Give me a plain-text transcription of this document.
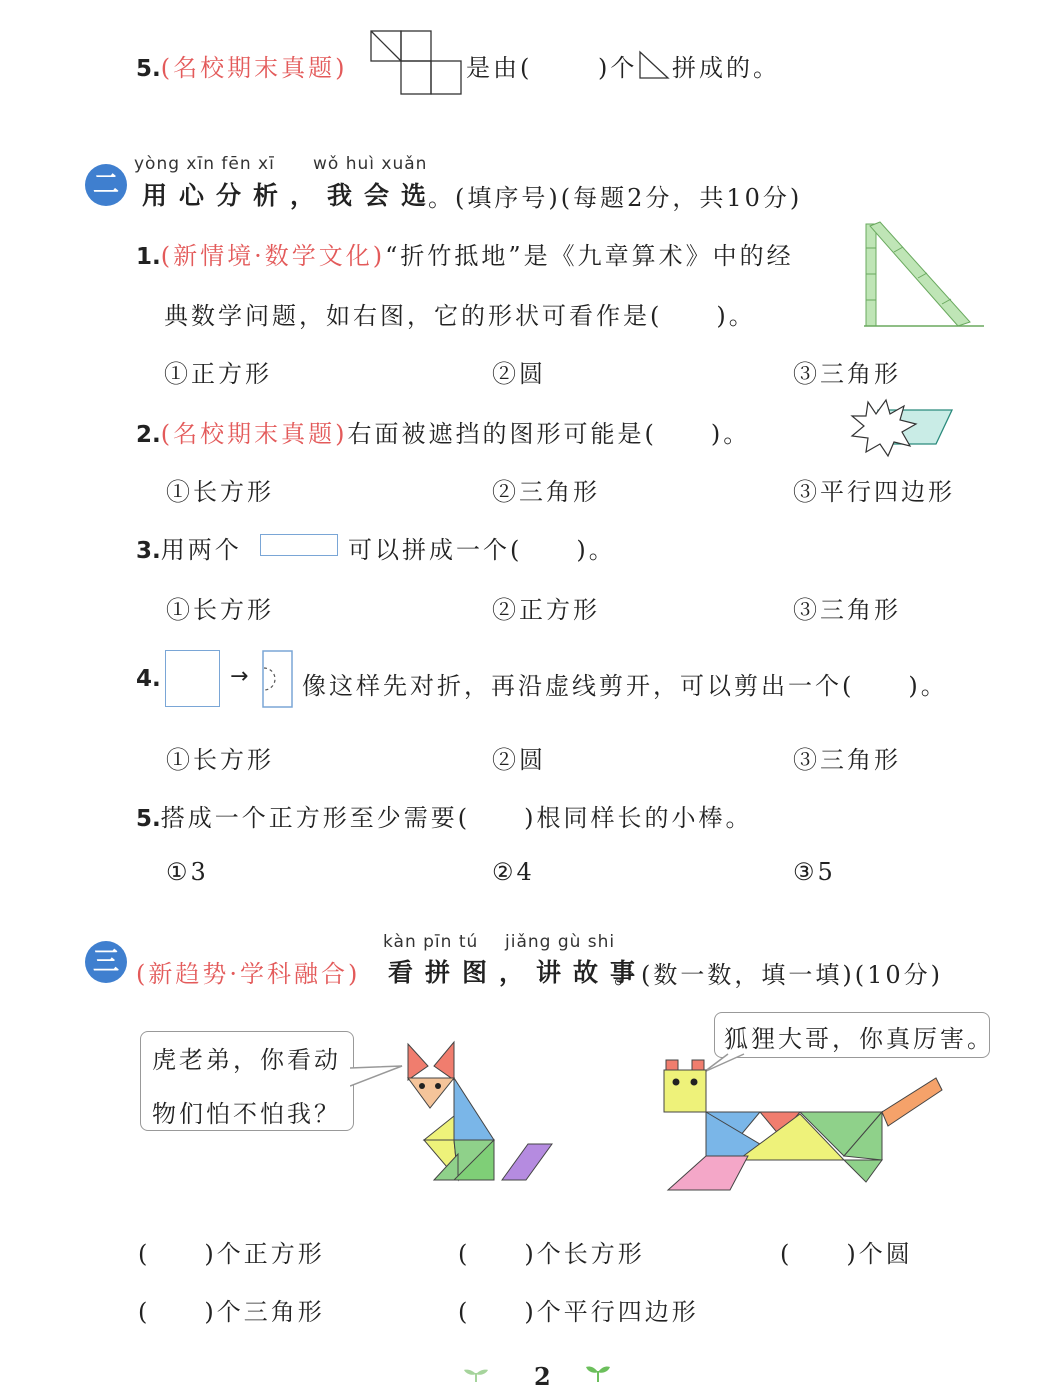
5.(名校期末真题)	是由(	)个 拼成的。
yòng xīn fēn xī wǒ huì xuǎn
二 用心分析，我会选
。(填序号)(每题2分，共10分)
1.(新情境·数学文化)“折竹抵地”是《九章算术》中的经
典数学问题，如右图，它的形状可看作是(　　)。
①正方形	②圆	③三角形
2.(名校期末真题)右面被遮挡的图形可能是(　　)。
①长方形	②三角形	③平行四边形
3.用两个	可以拼成一个(　　)。
①长方形	②正方形	③三角形
4.	→ 像这样先对折，再沿虚线剪开，可以剪出一个(　　)。
①长方形	②圆	③三角形
5.搭成一个正方形至少需要(　　)根同样长的小棒。
①3	②4	③5
kàn pīn tú jiǎng gù shi
三 (新趋势·学科融合) 看拼图，讲故事
。(数一数，填一填)(10分)
虎老弟，你看动
物们怕不怕我？
狐狸大哥，你真厉害。
(　　)个正方形	(　　)个长方形	(　　)个圆
(　　)个三角形	(　　)个平行四边形
2
